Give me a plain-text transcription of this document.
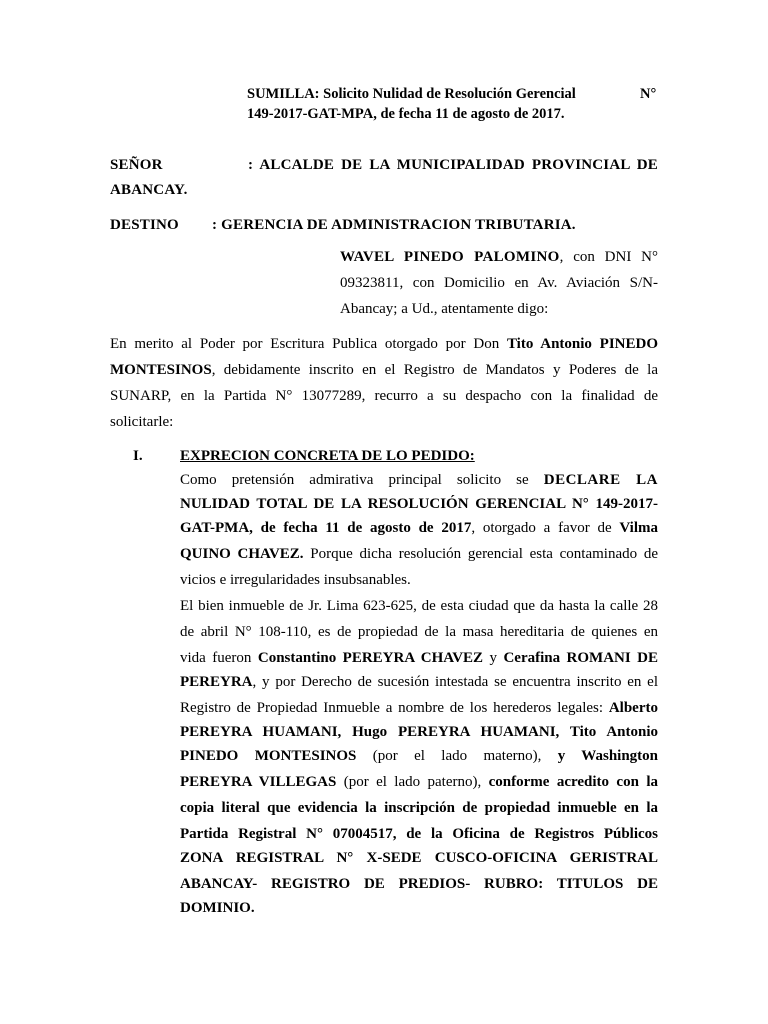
SUMILLA: Solicito Nulidad de Resolución Gerencial	N°
149-2017-GAT-MPA, de fecha 11 de agosto de 2017.
SEÑOR	: ALCALDE DE LA MUNICIPALIDAD PROVINCIAL DE
ABANCAY.
DESTINO : GERENCIA DE ADMINISTRACION TRIBUTARIA.
WAVEL PINEDO PALOMINO, con DNI N°
09323811, con Domicilio en Av. Aviación S/N-
Abancay; a Ud., atentamente digo:
En merito al Poder por Escritura Publica otorgado por Don Tito Antonio PINEDO
MONTESINOS, debidamente inscrito en el Registro de Mandatos y Poderes de la
SUNARP, en la Partida N° 13077289, recurro a su despacho con la finalidad de
solicitarle:
I. EXPRECION CONCRETA DE LO PEDIDO:
Como pretensión admirativa principal solicito se DECLARE LA
NULIDAD TOTAL DE LA RESOLUCIÓN GERENCIAL N° 149-2017-
GAT-PMA, de fecha 11 de agosto de 2017, otorgado a favor de Vilma
QUINO CHAVEZ. Porque dicha resolución gerencial esta contaminado de
vicios e irregularidades insubsanables.
El bien inmueble de Jr. Lima 623-625, de esta ciudad que da hasta la calle 28
de abril N° 108-110, es de propiedad de la masa hereditaria de quienes en
vida fueron Constantino PEREYRA CHAVEZ y Cerafina ROMANI DE
PEREYRA, y por Derecho de sucesión intestada se encuentra inscrito en el
Registro de Propiedad Inmueble a nombre de los herederos legales: Alberto
PEREYRA HUAMANI, Hugo PEREYRA HUAMANI, Tito Antonio
PINEDO MONTESINOS (por el lado materno), y Washington
PEREYRA VILLEGAS (por el lado paterno), conforme acredito con la
copia literal que evidencia la inscripción de propiedad inmueble en la
Partida Registral N° 07004517, de la Oficina de Registros Públicos
ZONA REGISTRAL N° X-SEDE CUSCO-OFICINA GERISTRAL
ABANCAY- REGISTRO DE PREDIOS- RUBRO: TITULOS DE
DOMINIO.
